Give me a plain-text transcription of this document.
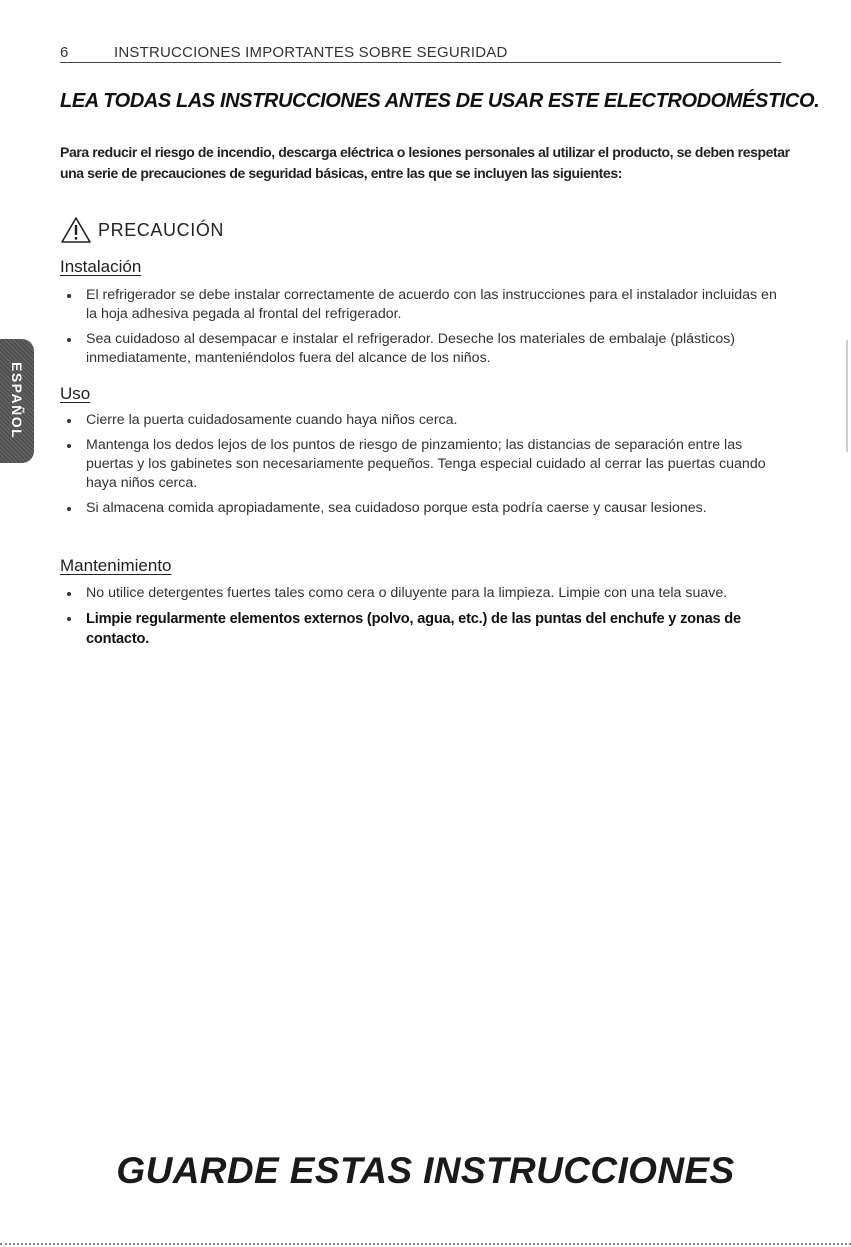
6	INSTRUCCIONES IMPORTANTES SOBRE SEGURIDAD
LEA TODAS LAS INSTRUCCIONES ANTES DE USAR ESTE ELECTRODOMÉSTICO.
Para reducir el riesgo de incendio, descarga eléctrica o lesiones personales al utilizar el producto, se deben respetar una serie de precauciones de seguridad básicas, entre las que se incluyen las siguientes:
PRECAUCIÓN
ESPAÑOL
Instalación
El refrigerador se debe instalar correctamente de acuerdo con las instrucciones para el instalador incluidas en la hoja adhesiva pegada al frontal del refrigerador.
Sea cuidadoso al desempacar e instalar el refrigerador. Deseche los materiales de embalaje (plásticos) inmediatamente, manteniéndolos fuera del alcance de los niños.
Uso
Cierre la puerta cuidadosamente cuando haya niños cerca.
Mantenga los dedos lejos de los puntos de riesgo de pinzamiento; las distancias de separación entre las puertas y los gabinetes son necesariamente pequeños. Tenga especial cuidado al cerrar las puertas cuando haya niños cerca.
Si almacena comida apropiadamente, sea cuidadoso porque esta podría caerse y causar lesiones.
Mantenimiento
No utilice detergentes fuertes tales como cera o diluyente para la limpieza. Limpie con una tela suave.
Limpie regularmente elementos externos (polvo, agua, etc.) de las puntas del enchufe y zonas de contacto.
GUARDE ESTAS INSTRUCCIONES
